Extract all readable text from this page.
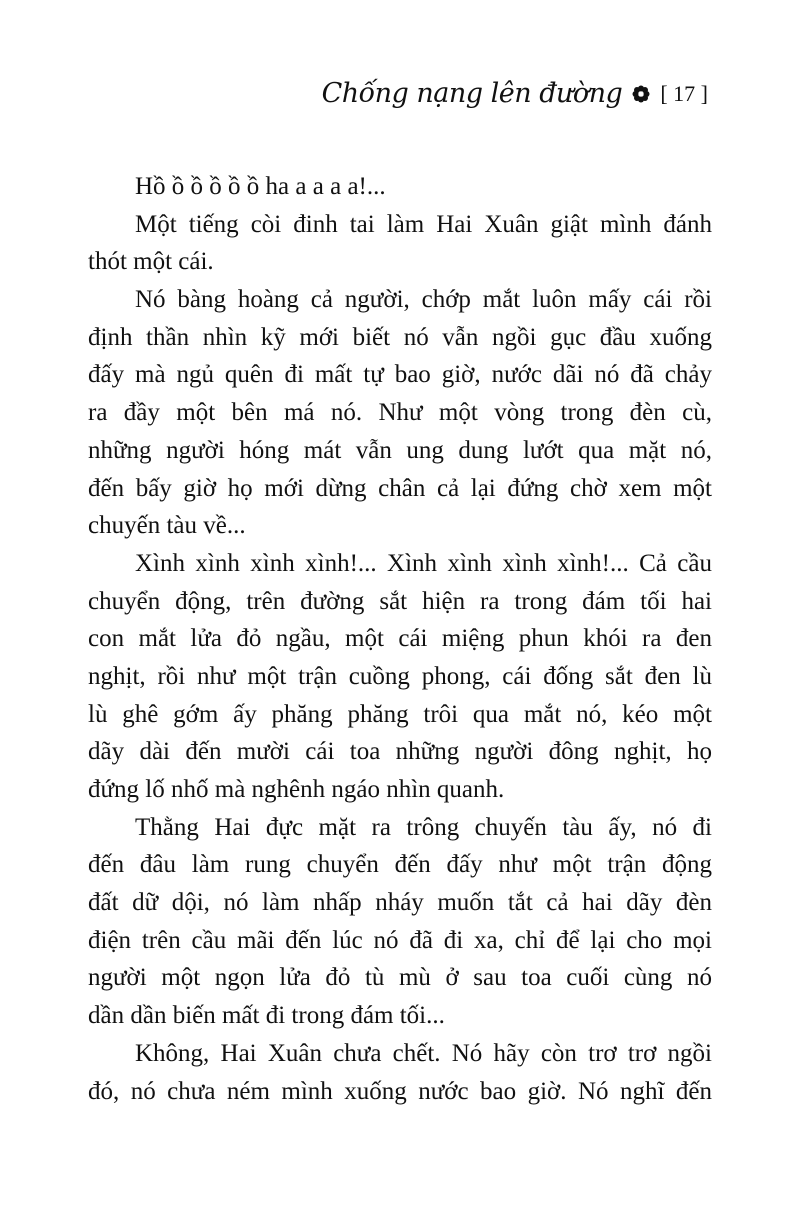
Chống nạng lên đường [ 17 ]
Hồ ồ ồ ồ ồ ồ ha a a a a!...
Một tiếng còi đinh tai làm Hai Xuân giật mình đánh
thót một cái.
Nó bàng hoàng cả người, chớp mắt luôn mấy cái rồi
định thần nhìn kỹ mới biết nó vẫn ngồi gục đầu xuống
đấy mà ngủ quên đi mất tự bao giờ, nước dãi nó đã chảy
ra đầy một bên má nó. Như một vòng trong đèn cù,
những người hóng mát vẫn ung dung lướt qua mặt nó,
đến bấy giờ họ mới dừng chân cả lại đứng chờ xem một
chuyến tàu về...
Xình xình xình xình!... Xình xình xình xình!... Cả cầu
chuyển động, trên đường sắt hiện ra trong đám tối hai
con mắt lửa đỏ ngầu, một cái miệng phun khói ra đen
nghịt, rồi như một trận cuồng phong, cái đống sắt đen lù
lù ghê gớm ấy phăng phăng trôi qua mắt nó, kéo một
dãy dài đến mười cái toa những người đông nghịt, họ
đứng lố nhố mà nghênh ngáo nhìn quanh.
Thằng Hai đực mặt ra trông chuyến tàu ấy, nó đi
đến đâu làm rung chuyển đến đấy như một trận động
đất dữ dội, nó làm nhấp nháy muốn tắt cả hai dãy đèn
điện trên cầu mãi đến lúc nó đã đi xa, chỉ để lại cho mọi
người một ngọn lửa đỏ tù mù ở sau toa cuối cùng nó
dần dần biến mất đi trong đám tối...
Không, Hai Xuân chưa chết. Nó hãy còn trơ trơ ngồi
đó, nó chưa ném mình xuống nước bao giờ. Nó nghĩ đến
